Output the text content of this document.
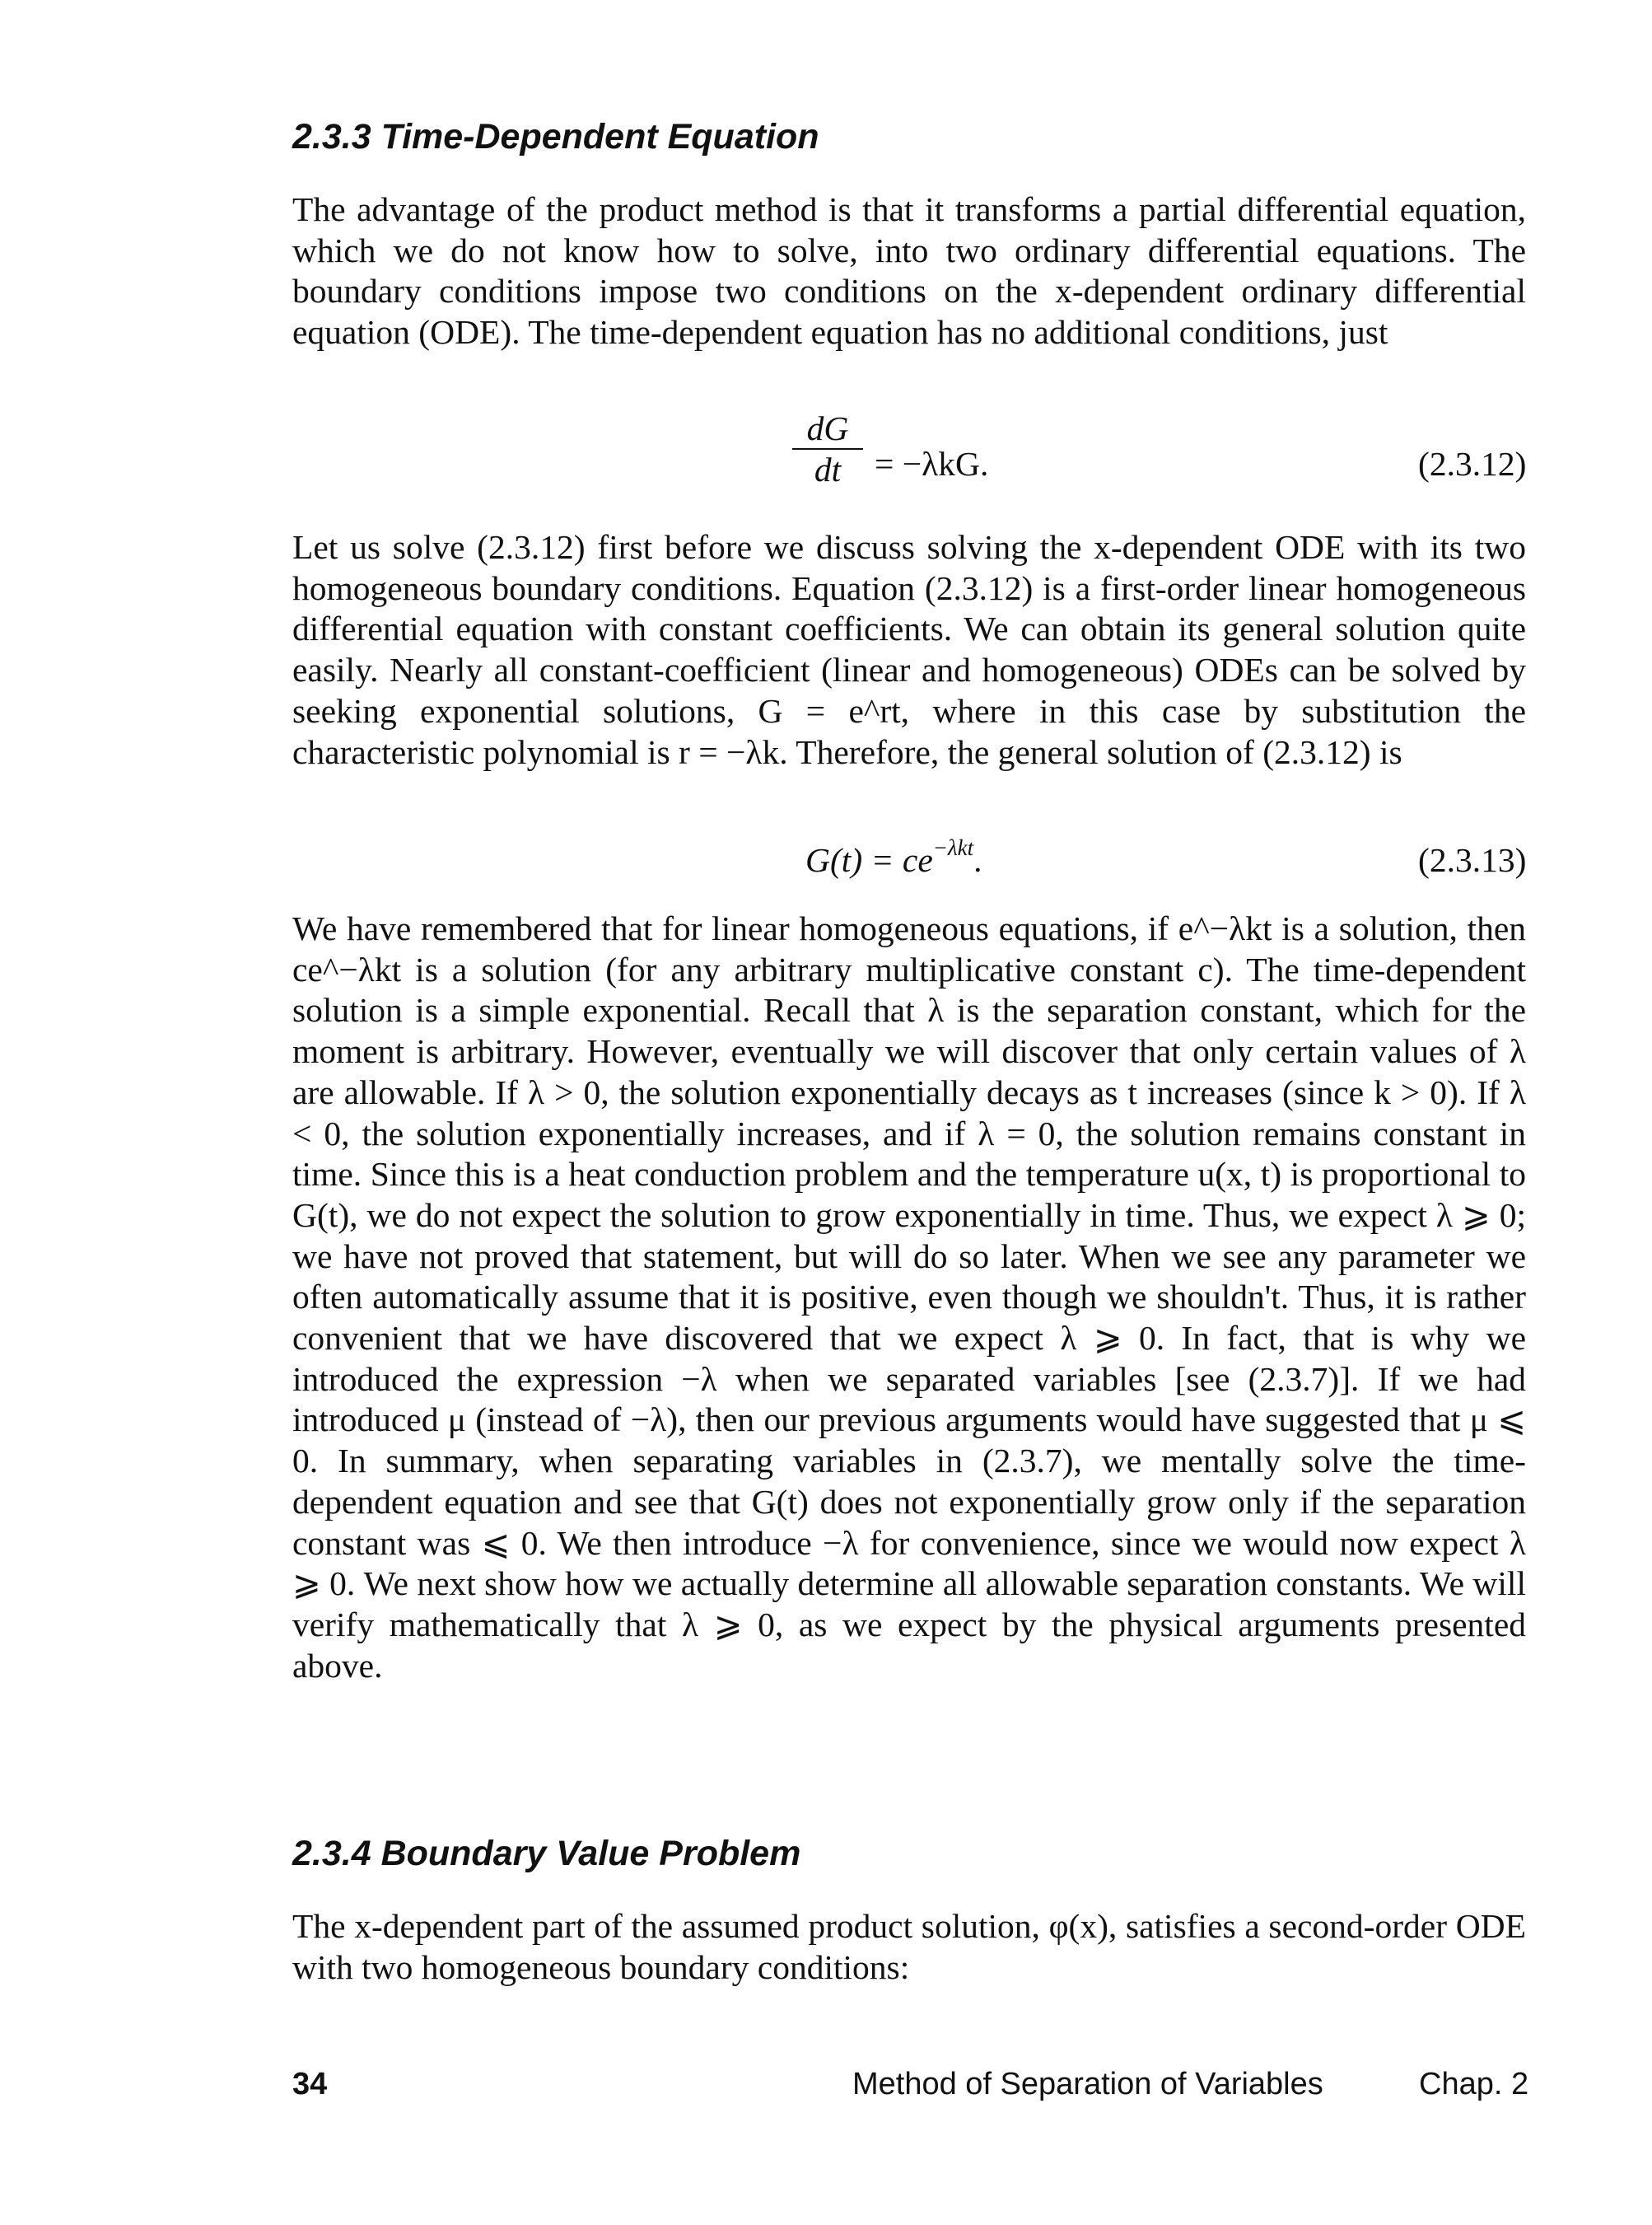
2.3.3 Time-Dependent Equation
The advantage of the product method is that it transforms a partial differential equation, which we do not know how to solve, into two ordinary differential equations. The boundary conditions impose two conditions on the x-dependent ordinary differential equation (ODE). The time-dependent equation has no additional conditions, just
dG
dt = −λkG.	(2.3.12)
Let us solve (2.3.12) first before we discuss solving the x-dependent ODE with its two homogeneous boundary conditions. Equation (2.3.12) is a first-order linear homogeneous differential equation with constant coefficients. We can obtain its general solution quite easily. Nearly all constant-coefficient (linear and homogeneous) ODEs can be solved by seeking exponential solutions, G = e^rt, where in this case by substitution the characteristic polynomial is r = −λk. Therefore, the general solution of (2.3.12) is
$G(t) = ce^{-\lambda kt}$.	(2.3.13)
We have remembered that for linear homogeneous equations, if e^−λkt is a solution, then ce^−λkt is a solution (for any arbitrary multiplicative constant c). The time-dependent solution is a simple exponential. Recall that λ is the separation constant, which for the moment is arbitrary. However, eventually we will discover that only certain values of λ are allowable. If λ > 0, the solution exponentially decays as t increases (since k > 0). If λ < 0, the solution exponentially increases, and if λ = 0, the solution remains constant in time. Since this is a heat conduction problem and the temperature u(x, t) is proportional to G(t), we do not expect the solution to grow exponentially in time. Thus, we expect λ ⩾ 0; we have not proved that statement, but will do so later. When we see any parameter we often automatically assume that it is positive, even though we shouldn't. Thus, it is rather convenient that we have discovered that we expect λ ⩾ 0. In fact, that is why we introduced the expression −λ when we separated variables [see (2.3.7)]. If we had introduced μ (instead of −λ), then our previous arguments would have suggested that μ ⩽ 0. In summary, when separating variables in (2.3.7), we mentally solve the time-dependent equation and see that G(t) does not exponentially grow only if the separation constant was ⩽ 0. We then introduce −λ for convenience, since we would now expect λ ⩾ 0. We next show how we actually determine all allowable separation constants. We will verify mathematically that λ ⩾ 0, as we expect by the physical arguments presented above.
2.3.4 Boundary Value Problem
The x-dependent part of the assumed product solution, φ(x), satisfies a second-order ODE with two homogeneous boundary conditions:
34	Method of Separation of Variables	Chap. 2
